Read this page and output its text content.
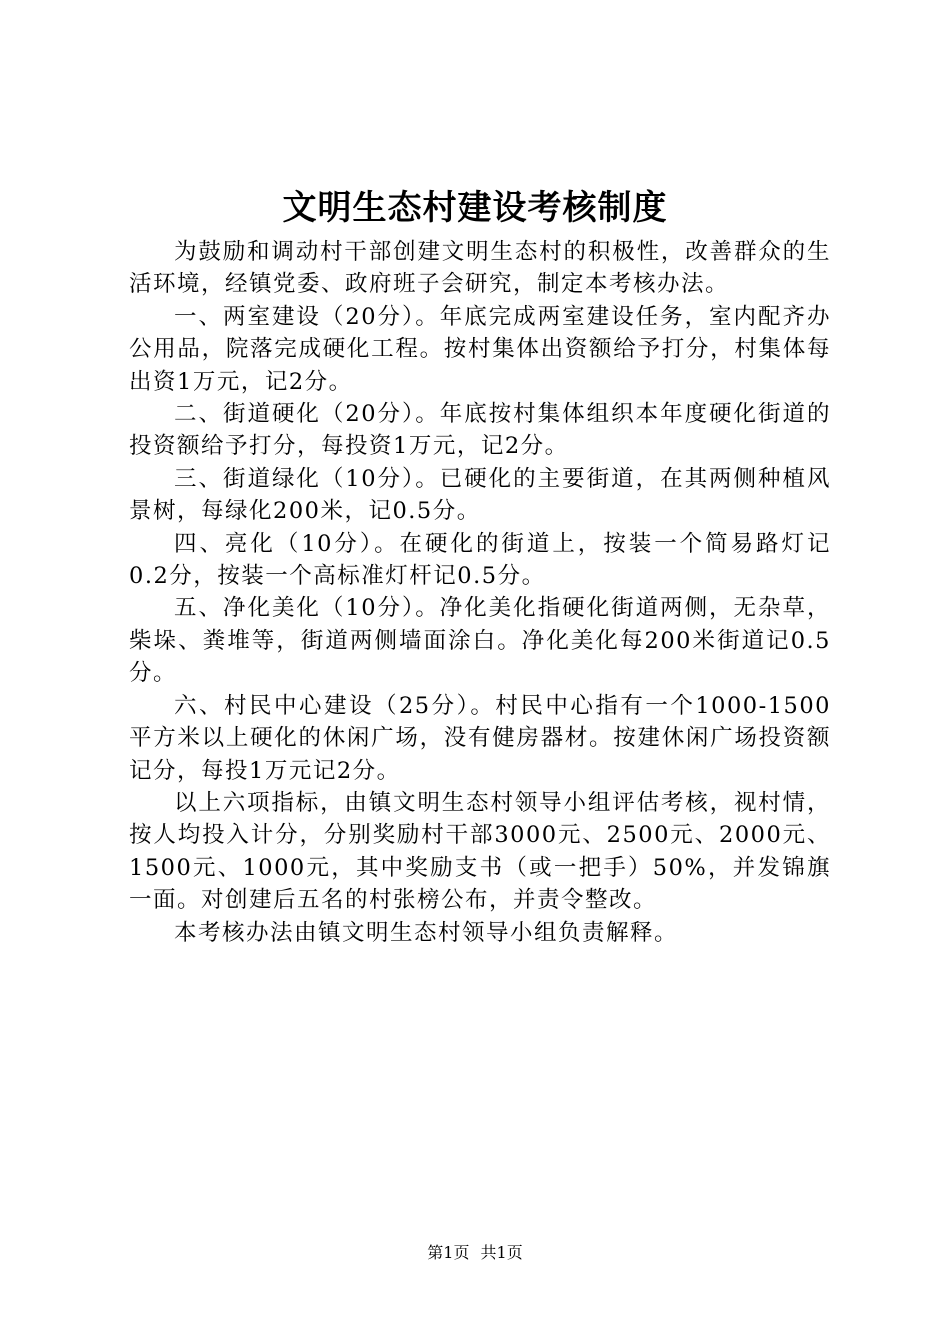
文明生态村建设考核制度

为鼓励和调动村干部创建文明生态村的积极性，改善群众的生活环境，经镇党委、政府班子会研究，制定本考核办法。

一、两室建设（20分）。年底完成两室建设任务，室内配齐办公用品，院落完成硬化工程。按村集体出资额给予打分，村集体每出资1万元，记2分。

二、街道硬化（20分）。年底按村集体组织本年度硬化街道的投资额给予打分，每投资1万元，记2分。

三、街道绿化（10分）。已硬化的主要街道，在其两侧种植风景树，每绿化200米，记0.5分。

四、亮化（10分）。在硬化的街道上，按装一个简易路灯记0.2分，按装一个高标准灯杆记0.5分。

五、净化美化（10分）。净化美化指硬化街道两侧，无杂草，柴垛、粪堆等，街道两侧墙面涂白。净化美化每200米街道记0.5分。

六、村民中心建设（25分）。村民中心指有一个1000-1500平方米以上硬化的休闲广场，没有健房器材。按建休闲广场投资额记分，每投1万元记2分。

以上六项指标，由镇文明生态村领导小组评估考核，视村情，按人均投入计分，分别奖励村干部3000元、2500元、2000元、1500元、1000元，其中奖励支书（或一把手）50%，并发锦旗一面。对创建后五名的村张榜公布，并责令整改。

本考核办法由镇文明生态村领导小组负责解释。

第1页 共1页
